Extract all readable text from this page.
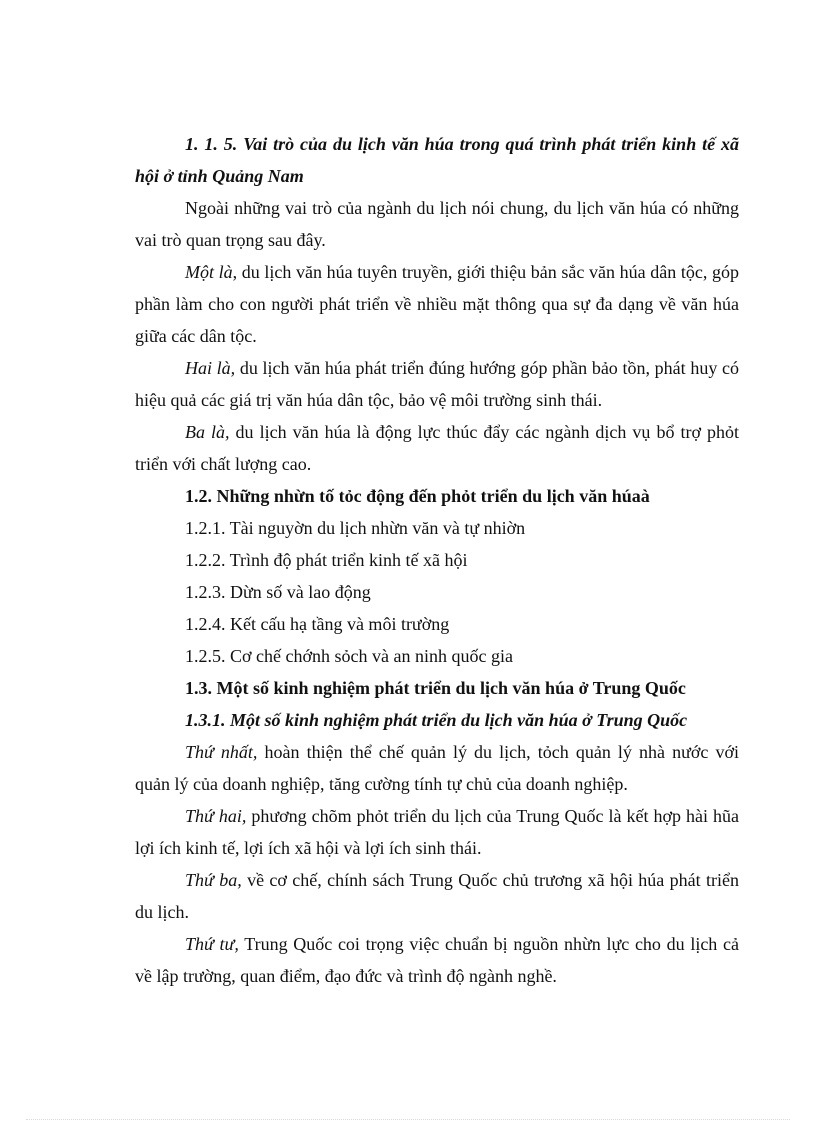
1. 1. 5. Vai trò của du lịch văn húa trong quá trình phát triển kinh tế xã hội ở tỉnh Quảng Nam

Ngoài những vai trò của ngành du lịch nói chung, du lịch văn húa có những vai trò quan trọng sau đây.

Một là, du lịch văn húa tuyên truyền, giới thiệu bản sắc văn húa dân tộc, góp phần làm cho con người phát triển về nhiều mặt thông qua sự đa dạng về văn húa giữa các dân tộc.

Hai là, du lịch văn húa phát triển đúng hướng góp phần bảo tồn, phát huy có hiệu quả các giá trị văn húa dân tộc, bảo vệ môi trường sinh thái.

Ba là, du lịch văn húa là động lực thúc đẩy các ngành dịch vụ bổ trợ phỏt triển với chất lượng cao.

1.2. Những nhừn tố tỏc động đến phỏt triển du lịch văn húaà

1.2.1. Tài nguyờn du lịch nhừn văn và tự nhiờn

1.2.2. Trình độ phát triển kinh tế xã hội

1.2.3. Dừn số và lao động

1.2.4. Kết cấu hạ tầng và môi trường

1.2.5. Cơ chế chớnh sỏch và an ninh quốc gia

1.3. Một số kinh nghiệm phát triển du lịch văn húa ở Trung Quốc

1.3.1. Một số kinh nghiệm phát triển du lịch văn húa ở Trung Quốc

Thứ nhất, hoàn thiện thể chế quản lý du lịch, tỏch quản lý nhà nước với quản lý của doanh nghiệp, tăng cường tính tự chủ của doanh nghiệp.

Thứ hai, phương chõm phỏt triển du lịch của Trung Quốc là kết hợp hài hũa lợi ích kinh tế, lợi ích xã hội và lợi ích sinh thái.

Thứ ba, về cơ chế, chính sách Trung Quốc chủ trương xã hội húa phát triển du lịch.

Thứ tư, Trung Quốc coi trọng việc chuẩn bị nguồn nhừn lực cho du lịch cả về lập trường, quan điểm, đạo đức và trình độ ngành nghề.
